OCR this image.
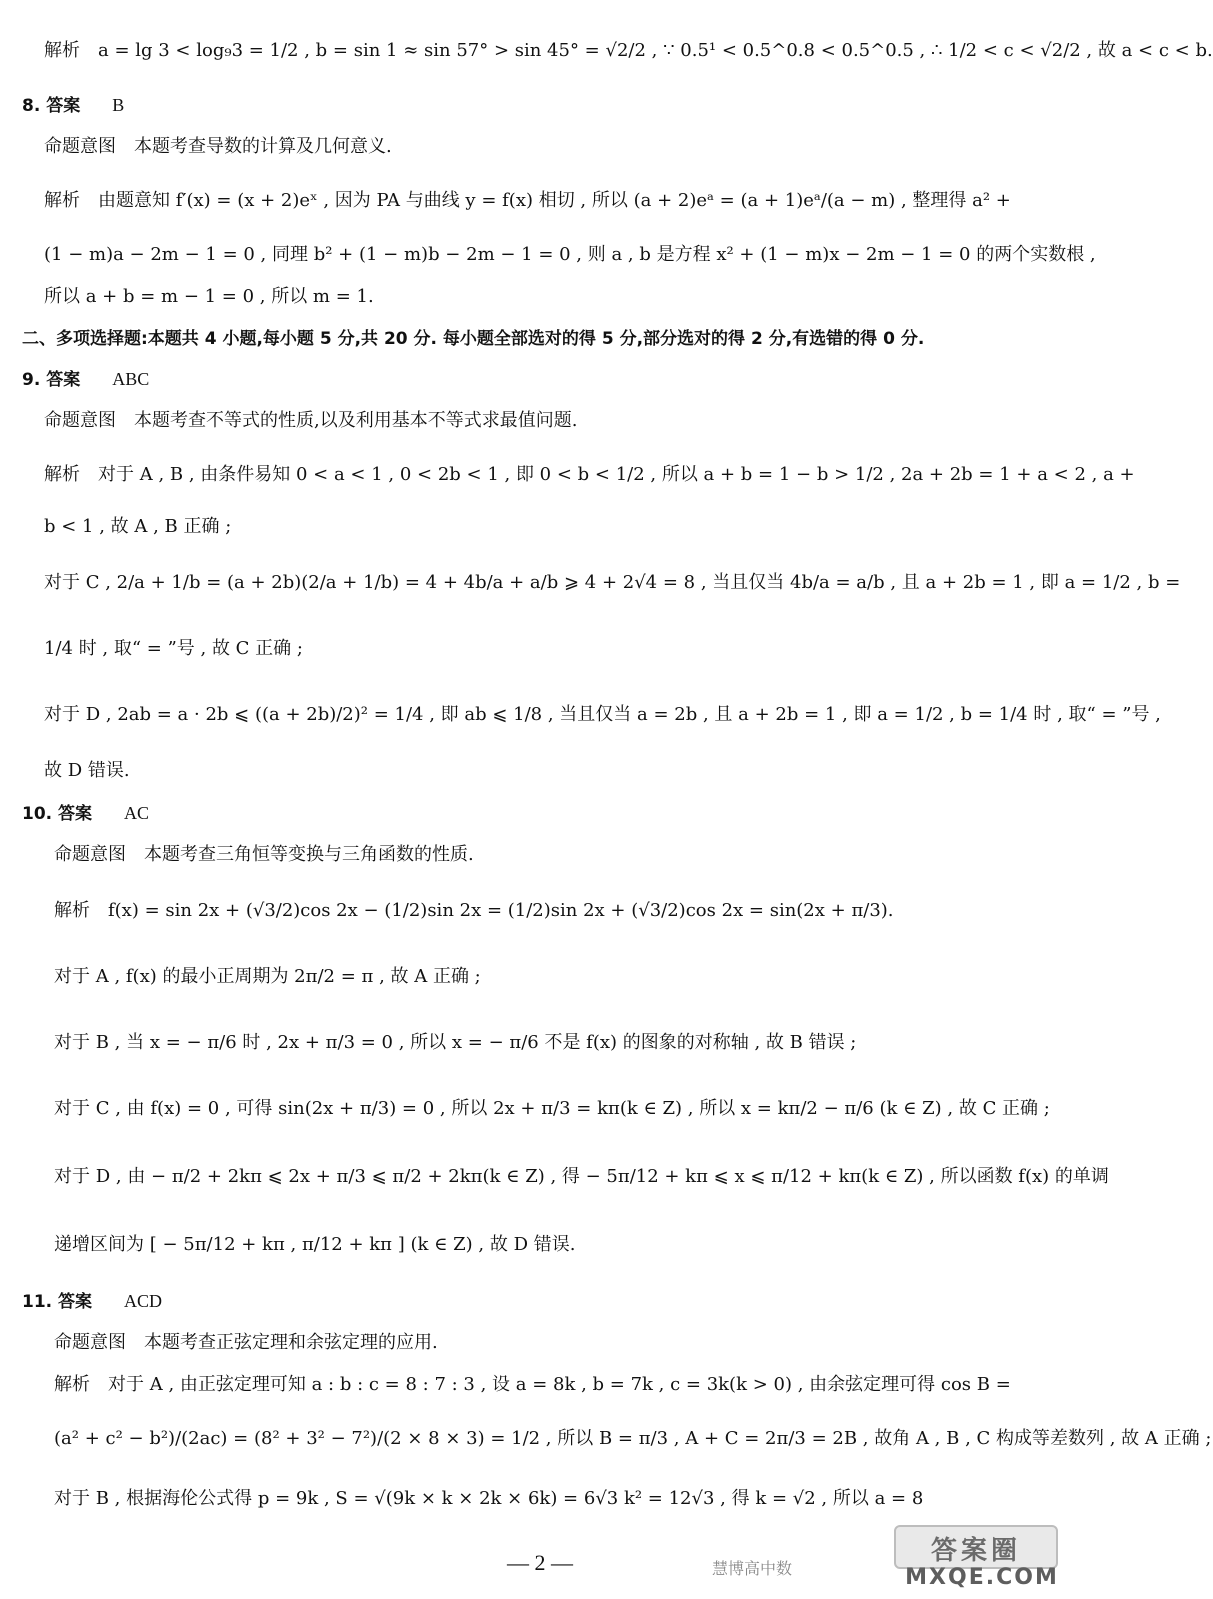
解析　a = lg 3 < log₉3 = 1/2 , b = sin 1 ≈ sin 57° > sin 45° = √2/2 , ∵ 0.5¹ < 0.5^0.8 < 0.5^0.5 , ∴ 1/2 < c < √2/2 , 故 a < c < b.
8. 答案 B
命题意图　本题考查导数的计算及几何意义.
解析　由题意知 f′(x) = (x + 2)eˣ , 因为 PA 与曲线 y = f(x) 相切 , 所以 (a + 2)eᵃ = (a + 1)eᵃ/(a − m) , 整理得 a² +
(1 − m)a − 2m − 1 = 0 , 同理 b² + (1 − m)b − 2m − 1 = 0 , 则 a , b 是方程 x² + (1 − m)x − 2m − 1 = 0 的两个实数根 ,
所以 a + b = m − 1 = 0 , 所以 m = 1.
二、多项选择题:本题共 4 小题,每小题 5 分,共 20 分. 每小题全部选对的得 5 分,部分选对的得 2 分,有选错的得 0 分.
9. 答案 ABC
命题意图　本题考查不等式的性质,以及利用基本不等式求最值问题.
解析　对于 A , B , 由条件易知 0 < a < 1 , 0 < 2b < 1 , 即 0 < b < 1/2 , 所以 a + b = 1 − b > 1/2 , 2a + 2b = 1 + a < 2 , a +
b < 1 , 故 A , B 正确 ;
对于 C , 2/a + 1/b = (a + 2b)(2/a + 1/b) = 4 + 4b/a + a/b ⩾ 4 + 2√4 = 8 , 当且仅当 4b/a = a/b , 且 a + 2b = 1 , 即 a = 1/2 , b =
1/4 时 , 取“ = ”号 , 故 C 正确 ;
对于 D , 2ab = a · 2b ⩽ ((a + 2b)/2)² = 1/4 , 即 ab ⩽ 1/8 , 当且仅当 a = 2b , 且 a + 2b = 1 , 即 a = 1/2 , b = 1/4 时 , 取“ = ”号 ,
故 D 错误.
10. 答案 AC
命题意图　本题考查三角恒等变换与三角函数的性质.
解析　f(x) = sin 2x + (√3/2)cos 2x − (1/2)sin 2x = (1/2)sin 2x + (√3/2)cos 2x = sin(2x + π/3).
对于 A , f(x) 的最小正周期为 2π/2 = π , 故 A 正确 ;
对于 B , 当 x = − π/6 时 , 2x + π/3 = 0 , 所以 x = − π/6 不是 f(x) 的图象的对称轴 , 故 B 错误 ;
对于 C , 由 f(x) = 0 , 可得 sin(2x + π/3) = 0 , 所以 2x + π/3 = kπ(k ∈ Z) , 所以 x = kπ/2 − π/6 (k ∈ Z) , 故 C 正确 ;
对于 D , 由 − π/2 + 2kπ ⩽ 2x + π/3 ⩽ π/2 + 2kπ(k ∈ Z) , 得 − 5π/12 + kπ ⩽ x ⩽ π/12 + kπ(k ∈ Z) , 所以函数 f(x) 的单调
递增区间为 [ − 5π/12 + kπ , π/12 + kπ ] (k ∈ Z) , 故 D 错误.
11. 答案 ACD
命题意图　本题考查正弦定理和余弦定理的应用.
解析　对于 A , 由正弦定理可知 a : b : c = 8 : 7 : 3 , 设 a = 8k , b = 7k , c = 3k(k > 0) , 由余弦定理可得 cos B =
(a² + c² − b²)/(2ac) = (8² + 3² − 7²)/(2 × 8 × 3) = 1/2 , 所以 B = π/3 , A + C = 2π/3 = 2B , 故角 A , B , C 构成等差数列 , 故 A 正确 ;
对于 B , 根据海伦公式得 p = 9k , S = √(9k × k × 2k × 6k) = 6√3 k² = 12√3 , 得 k = √2 , 所以 a = 8
— 2 —	慧博高中数
答案圈
MXQE.COM
